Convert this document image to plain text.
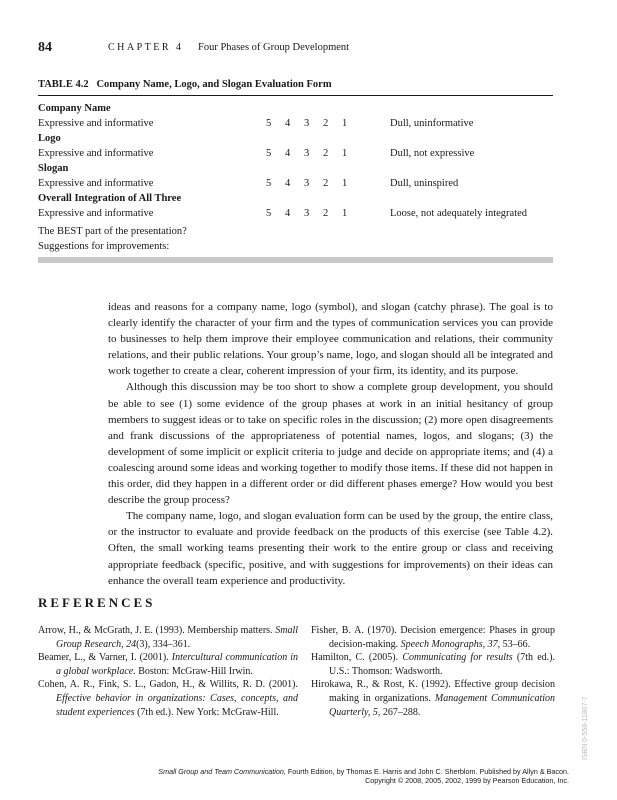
84	CHAPTER 4 Four Phases of Group Development
TABLE 4.2 Company Name, Logo, and Slogan Evaluation Form
Company Name
Expressive and informative	5 4 3 2 1	Dull, uninformative
Logo
Expressive and informative	5 4 3 2 1	Dull, not expressive
Slogan
Expressive and informative	5 4 3 2 1	Dull, uninspired
Overall Integration of All Three
Expressive and informative	5 4 3 2 1	Loose, not adequately integrated
The BEST part of the presentation?
Suggestions for improvements:

ideas and reasons for a company name, logo (symbol), and slogan (catchy phrase). The goal is to clearly identify the character of your firm and the types of communication services you can provide to businesses to help them improve their employee communication and relations, their community relations, and their public relations. Your group’s name, logo, and slogan should all be integrated and work together to create a clear, coherent impression of your firm, its identity, and its purpose.

Although this discussion may be too short to show a complete group development, you should be able to see (1) some evidence of the group phases at work in an initial hesitancy of group members to suggest ideas or to take on specific roles in the discussion; (2) more open disagreements and frank discussions of the appropriateness of potential names, logos, and slogans; (3) the development of some implicit or explicit criteria to judge and decide on appropriate items; and (4) a coalescing around some ideas and working together to modify those items. If these did not happen in this order, did they happen in a different order or did different phases emerge? How would you best describe the group process?

The company name, logo, and slogan evaluation form can be used by the group, the entire class, or the instructor to evaluate and provide feedback on the products of this exercise (see Table 4.2). Often, the small working teams presenting their work to the entire group or class and receiving appropriate feedback (specific, positive, and with suggestions for improvements) on their ideas can enhance the overall team experience and productivity.

REFERENCES

Arrow, H., & McGrath, J. E. (1993). Membership matters. Small Group Research, 24(3), 334–361.

Beamer, L., & Varner, I. (2001). Intercultural communication in a global workplace. Boston: McGraw-Hill Irwin.

Cohen, A. R., Fink, S. L., Gadon, H., & Willits, R. D. (2001). Effective behavior in organizations: Cases, concepts, and student experiences (7th ed.). New York: McGraw-Hill.

Fisher, B. A. (1970). Decision emergence: Phases in group decision-making. Speech Monographs, 37, 53–66.

Hamilton, C. (2005). Communicating for results (7th ed.). U.S.: Thomson: Wadsworth.

Hirokawa, R., & Rost, K. (1992). Effective group decision making in organizations. Management Communication Quarterly, 5, 267–288.	ISBN 0-558-11807-7
Small Group and Team Communication, Fourth Edition, by Thomas E. Harris and John C. Sherblom. Published by Allyn & Bacon.
Copyright © 2008, 2005, 2002, 1999 by Pearson Education, Inc.
